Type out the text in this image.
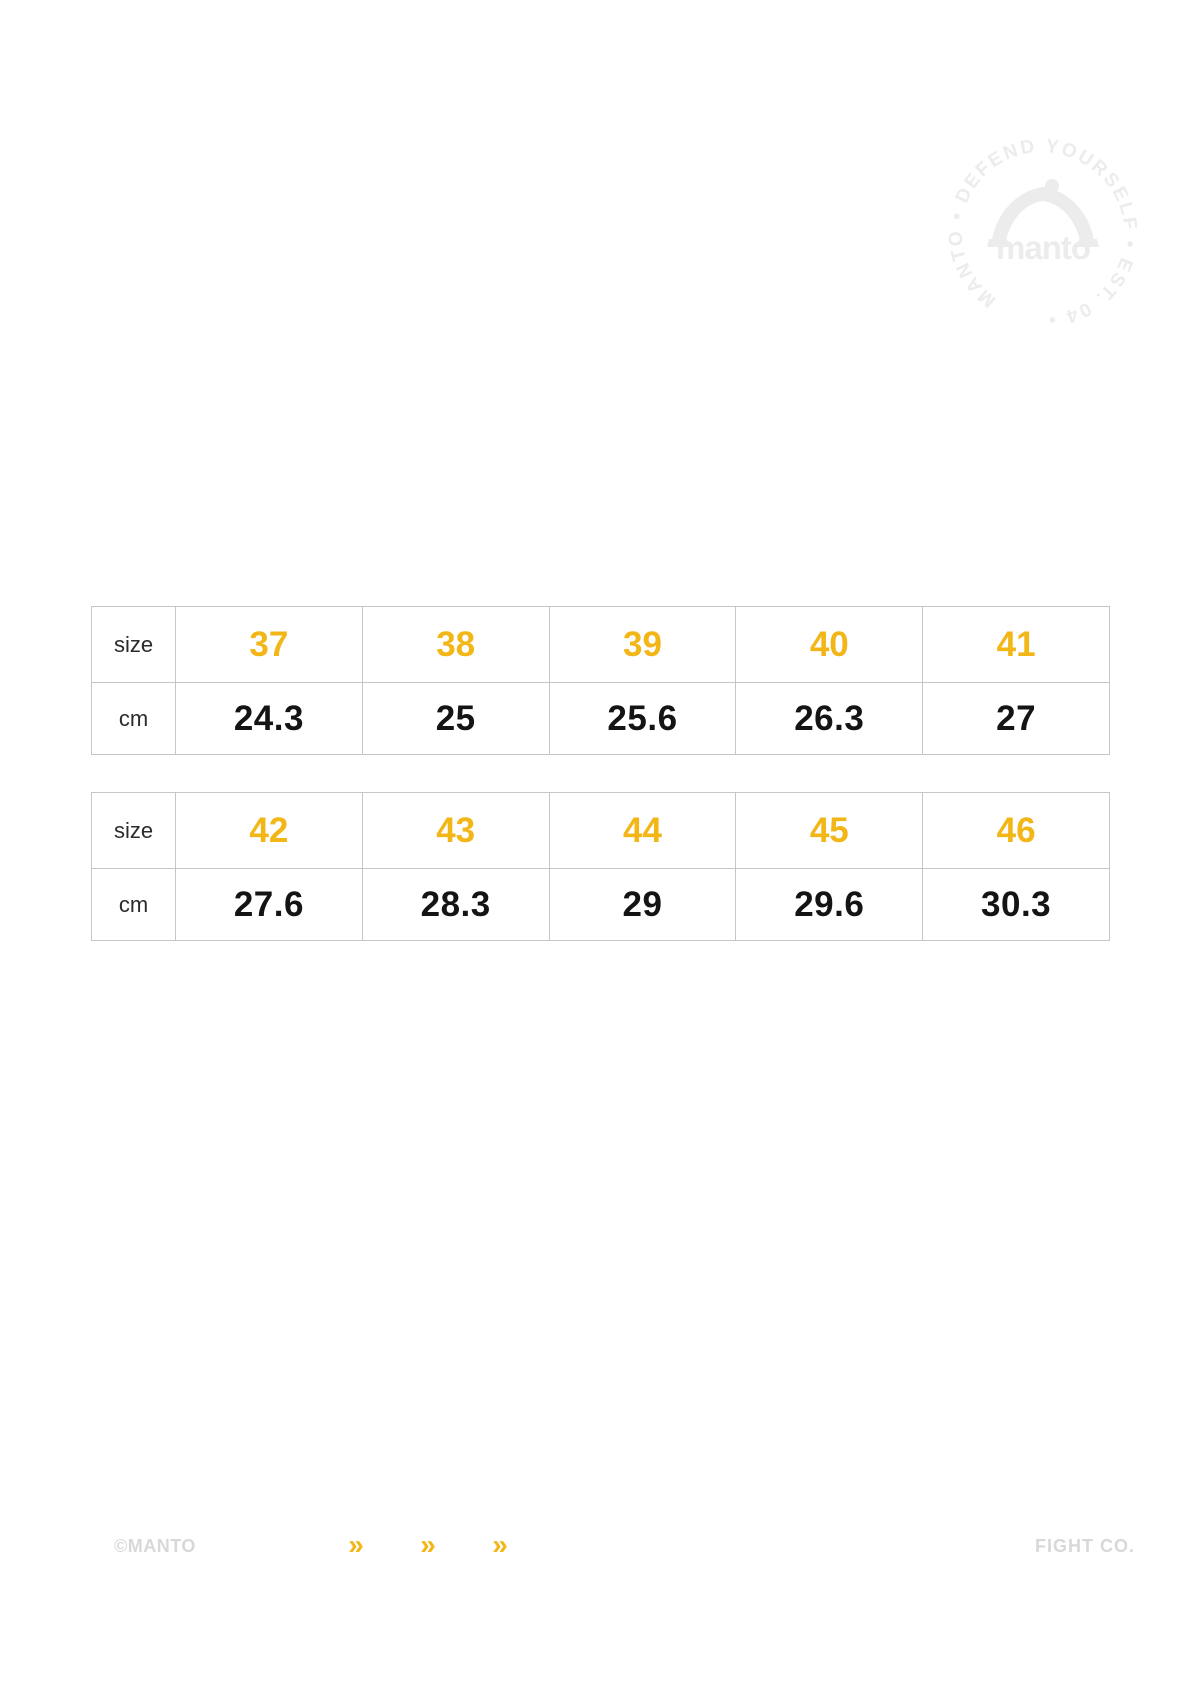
MANTO • DEFEND YOURSELF • EST. 04 •
manto
size	37	38	39	40	41
cm	24.3	25	25.6	26.3	27
size	42	43	44	45	46
cm	27.6	28.3	29	29.6	30.3
©MANTO	» » »	FIGHT CO.
